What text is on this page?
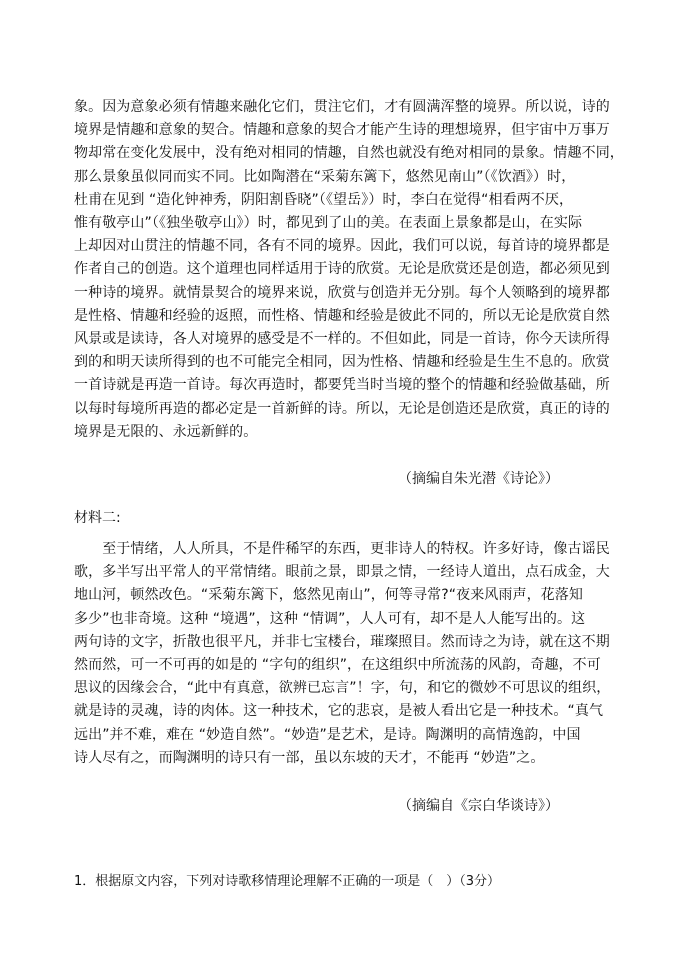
象。因为意象必须有情趣来融化它们，贯注它们，才有圆满浑整的境界。所以说，诗的
境界是情趣和意象的契合。情趣和意象的契合才能产生诗的理想境界，但宇宙中万事万
物却常在变化发展中，没有绝对相同的情趣，自然也就没有绝对相同的景象。情趣不同，
那么景象虽似同而实不同。比如陶潜在“采菊东篱下，悠然见南山”（《饮酒》）时，
杜甫在见到 “造化钟神秀，阴阳割昏晓”（《望岳》）时，李白在觉得“相看两不厌，
惟有敬亭山”（《独坐敬亭山》）时，都见到了山的美。在表面上景象都是山，在实际
上却因对山贯注的情趣不同，各有不同的境界。因此，我们可以说，每首诗的境界都是
作者自己的创造。这个道理也同样适用于诗的欣赏。无论是欣赏还是创造，都必须见到
一种诗的境界。就情景契合的境界来说，欣赏与创造并无分别。每个人领略到的境界都
是性格、情趣和经验的返照，而性格、情趣和经验是彼此不同的，所以无论是欣赏自然
风景或是读诗，各人对境界的感受是不一样的。不但如此，同是一首诗，你今天读所得
到的和明天读所得到的也不可能完全相同，因为性格、情趣和经验是生生不息的。欣赏
一首诗就是再造一首诗。每次再造时，都要凭当时当境的整个的情趣和经验做基础，所
以每时每境所再造的都必定是一首新鲜的诗。所以，无论是创造还是欣赏，真正的诗的
境界是无限的、永远新鲜的。
（摘编自朱光潜《诗论》）
材料二:
　　至于情绪，人人所具，不是件稀罕的东西，更非诗人的特权。许多好诗，像古谣民
歌，多半写出平常人的平常情绪。眼前之景，即景之情，一经诗人道出，点石成金，大
地山河，顿然改色。“采菊东篱下，悠然见南山”，何等寻常?“夜来风雨声，花落知
多少”也非奇境。这种 “境遇”，这种 “情调”，人人可有，却不是人人能写出的。这
两句诗的文字，折散也很平凡，并非七宝楼台，璀璨照目。然而诗之为诗，就在这不期
然而然，可一不可再的如是的 “字句的组织”，在这组织中所流荡的风韵，奇趣，不可
思议的因缘会合，“此中有真意，欲辨已忘言”！字，句，和它的微妙不可思议的组织，
就是诗的灵魂，诗的肉体。这一种技术，它的悲哀，是被人看出它是一种技术。“真气
远出”并不难，难在 “妙造自然”。“妙造”是艺术，是诗。陶渊明的高情逸韵，中国
诗人尽有之，而陶渊明的诗只有一部，虽以东坡的天才，不能再 “妙造”之。
（摘编自《宗白华谈诗》）
1．根据原文内容，下列对诗歌移情理论理解不正确的一项是（　）（3分）
